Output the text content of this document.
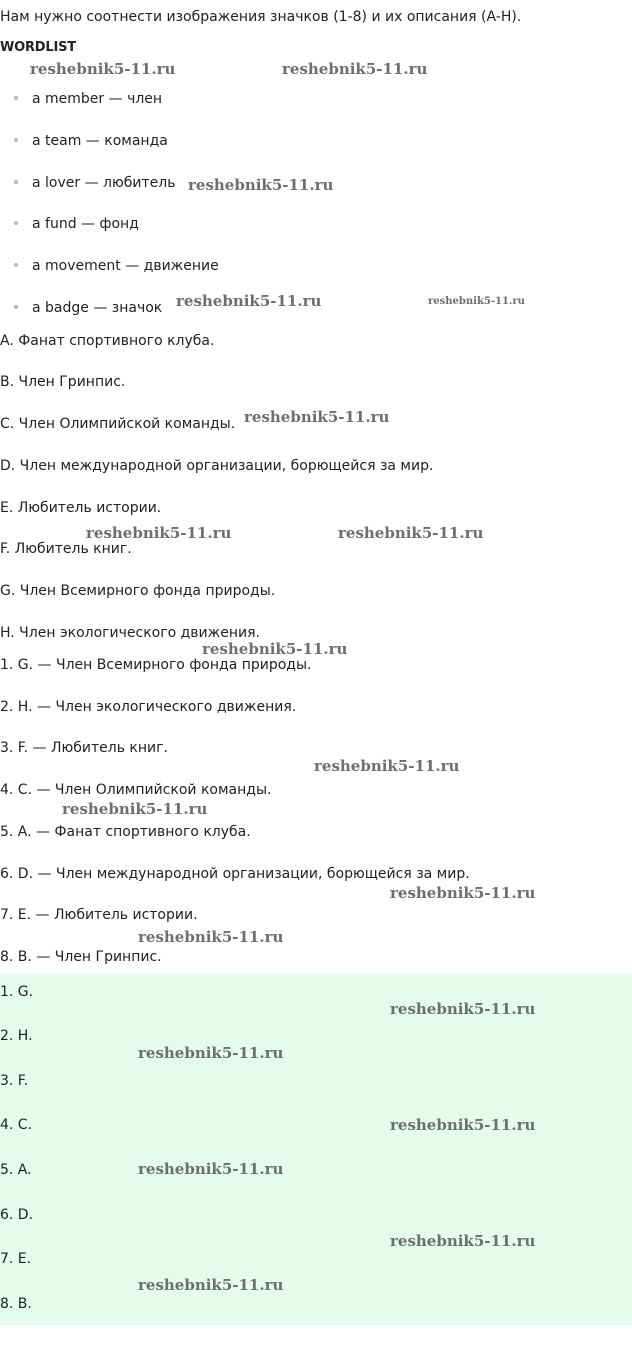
Нам нужно соотнести изображения значков (1-8) и их описания (A-H).
WORDLIST
a member — член
a team — команда
a lover — любитель
a fund — фонд
a movement — движение
a badge — значок
A. Фанат спортивного клуба.
B. Член Гринпис.
C. Член Олимпийской команды.
D. Член международной организации, борющейся за мир.
E. Любитель истории.
F. Любитель книг.
G. Член Всемирного фонда природы.
H. Член экологического движения.
1. G. — Член Всемирного фонда природы.
2. H. — Член экологического движения.
3. F. — Любитель книг.
4. C. — Член Олимпийской команды.
5. A. — Фанат спортивного клуба.
6. D. — Член международной организации, борющейся за мир.
7. E. — Любитель истории.
8. B. — Член Гринпис.
1. G.
2. H.
3. F.
4. C.
5. A.
6. D.
7. E.
8. B.
reshebnik5-11.ru	reshebnik5-11.ru
reshebnik5-11.ru
reshebnik5-11.ru	reshebnik5-11.ru
reshebnik5-11.ru
reshebnik5-11.ru	reshebnik5-11.ru
reshebnik5-11.ru
reshebnik5-11.ru
reshebnik5-11.ru
reshebnik5-11.ru
reshebnik5-11.ru
reshebnik5-11.ru
reshebnik5-11.ru
reshebnik5-11.ru
reshebnik5-11.ru
reshebnik5-11.ru
reshebnik5-11.ru
